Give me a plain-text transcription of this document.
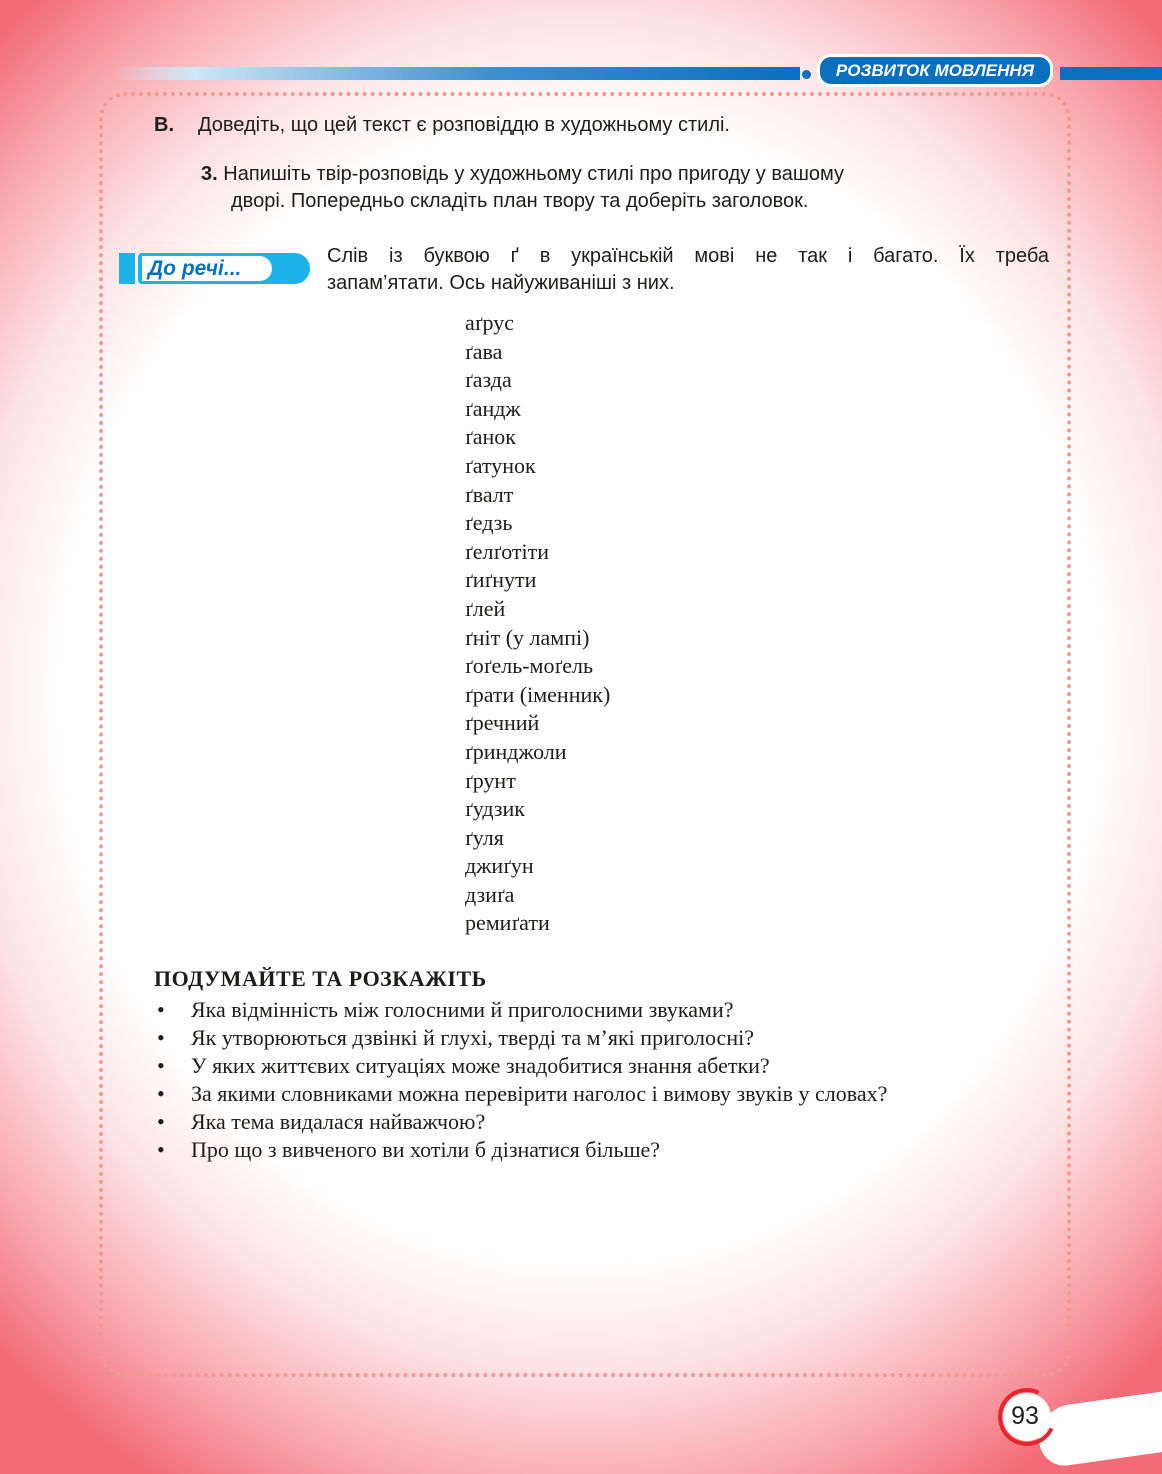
РОЗВИТОК МОВЛЕННЯ
В. Доведіть, що цей текст є розповіддю в художньому стилі.
3. Напишіть твір-розповідь у художньому стилі про пригоду у вашому
дворі. Попередньо складіть план твору та доберіть заголовок.
До речі...
Слів із буквою ґ в українській мові не так і багато. Їх треба
запам’ятати. Ось найуживаніші з них.
аґрус
ґава
ґазда
ґандж
ґанок
ґатунок
ґвалт
ґедзь
ґелґотіти
ґиґнути
ґлей
ґніт (у лампі)
ґоґель-моґель
ґрати (іменник)
ґречний
ґринджоли
ґрунт
ґудзик
ґуля
джиґун
дзиґа
ремиґати
ПОДУМАЙТЕ ТА РОЗКАЖІТЬ
• Яка відмінність між голосними й приголосними звуками?
• Як утворюються дзвінкі й глухі, тверді та м’які приголосні?
• У яких життєвих ситуаціях може знадобитися знання абетки?
• За якими словниками можна перевірити наголос і вимову звуків у словах?
• Яка тема видалася найважчою?
• Про що з вивченого ви хотіли б дізнатися більше?
93
